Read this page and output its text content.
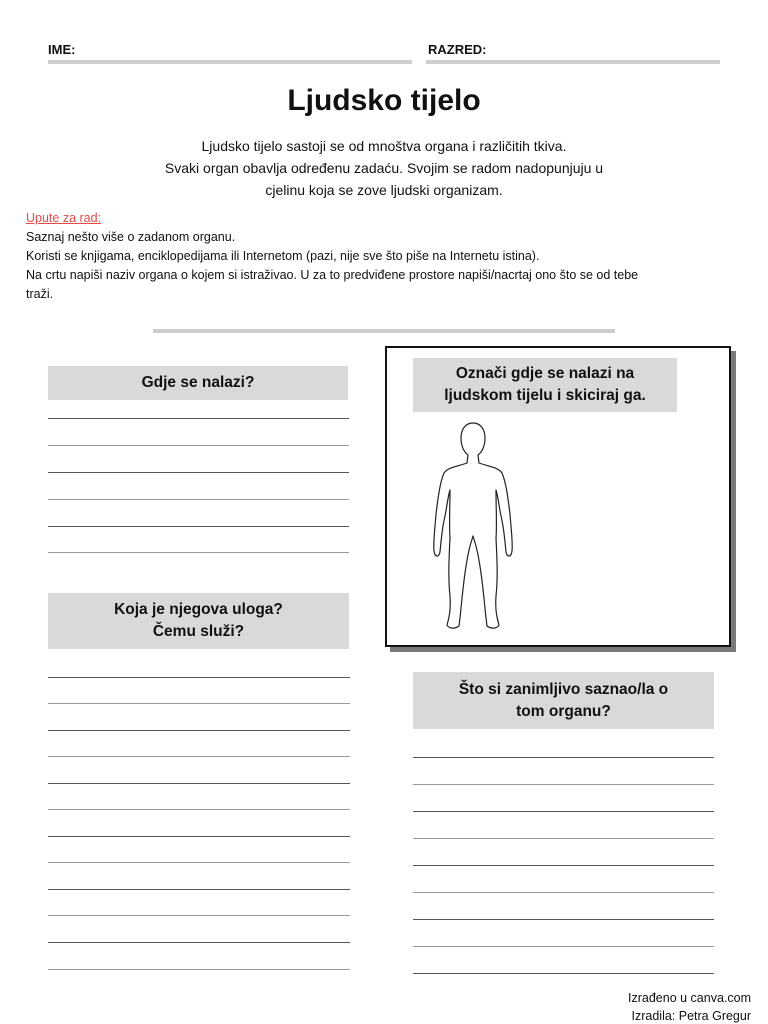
IME:	RAZRED:
Ljudsko tijelo
Ljudsko tijelo sastoji se od mnoštva organa i različitih tkiva.
Svaki organ obavlja određenu zadaću. Svojim se radom nadopunjuju u
cjelinu koja se zove ljudski organizam.
Upute za rad:
Saznaj nešto više o zadanom organu.
Koristi se knjigama, enciklopedijama ili Internetom (pazi, nije sve što piše na Internetu istina).
Na crtu napiši naziv organa o kojem si istraživao. U za to predviđene prostore napiši/nacrtaj ono što se od tebe
traži.
Gdje se nalazi?
Koja je njegova uloga?
Čemu služi?
Označi gdje se nalazi na
ljudskom tijelu i skiciraj ga.
Što si zanimljivo saznao/la o
tom organu?
Izrađeno u canva.com
Izradila: Petra Gregur
